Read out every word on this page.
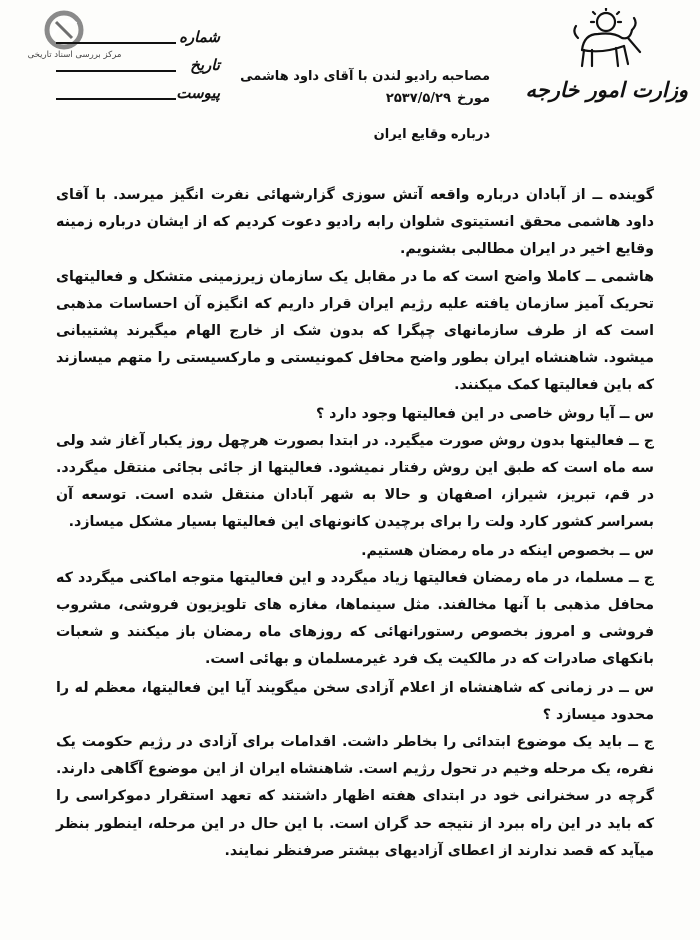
مرکز بررسی اسناد تاریخی
شماره
تاریخ
پیوست	وزارت امور خارجه
مصاحبه رادیو لندن با آقای داود هاشمی
مورخ
۲۵۳۷/۵/۲۹
درباره وقایع ایران

گوینده ــ از آبادان درباره واقعه آتش سوزی گزارشهائی نفرت انگیز میرسد. با آقای داود هاشمی محقق انستیتوی شلوان رابه رادیو دعوت کردیم که از ایشان درباره زمینه وقایع اخیر در ایران مطالبی بشنویم.

هاشمی ــ کاملا واضح است که ما در مقابل یک سازمان زیرزمینی متشکل و فعالیتهای تحریک آمیز سازمان یافته علیه رژیم ایران قرار داریم که انگیزه آن احساسات مذهبی است که از طرف سازمانهای چپگرا که بدون شک از خارج الهام میگیرند پشتیبانی میشود. شاهنشاه ایران بطور واضح محافل کمونیستی و مارکسیستی را متهم میسازند که باین فعالیتها کمک میکنند.

س ــ آیا روش خاصی در این فعالیتها وجود دارد ؟

ج ــ فعالیتها بدون روش صورت میگیرد. در ابتدا بصورت هرچهل روز یکبار آغاز شد ولی سه ماه است که طبق این روش رفتار نمیشود. فعالیتها از جائی بجائی منتقل میگردد. در قم، تبریز، شیراز، اصفهان و حالا به شهر آبادان منتقل شده است. توسعه آن بسراسر کشور کارد ولت را برای برچیدن کانونهای این فعالیتها بسیار مشکل میسازد.

س ــ بخصوص اینکه در ماه رمضان هستیم.

ج ــ مسلما، در ماه رمضان فعالیتها زیاد میگردد و این فعالیتها متوجه اماکنی میگردد که محافل مذهبی با آنها مخالفند. مثل سینماها، مغازه های تلویزیون فروشی، مشروب فروشی و امروز بخصوص رستورانهائی که روزهای ماه رمضان باز میکنند و شعبات بانکهای صادرات که در مالکیت یک فرد غیرمسلمان و بهائی است.

س ــ در زمانی که شاهنشاه از اعلام آزادی سخن میگویند آیا این فعالیتها، معظم له را محدود میسازد ؟

ج ــ باید یک موضوع ابتدائی را بخاطر داشت. اقدامات برای آزادی در رژیم حکومت یک نفره، یک مرحله وخیم در تحول رژیم است. شاهنشاه ایران از این موضوع آگاهی دارند. گرچه در سخنرانی خود در ابتدای هفته اظهار داشتند که تعهد استقرار دموکراسی را که باید در این راه ببرد از نتیجه حد گران است. با این حال در این مرحله، اینطور بنظر میآید که قصد ندارند از اعطای آزادیهای بیشتر صرفنظر نمایند.
